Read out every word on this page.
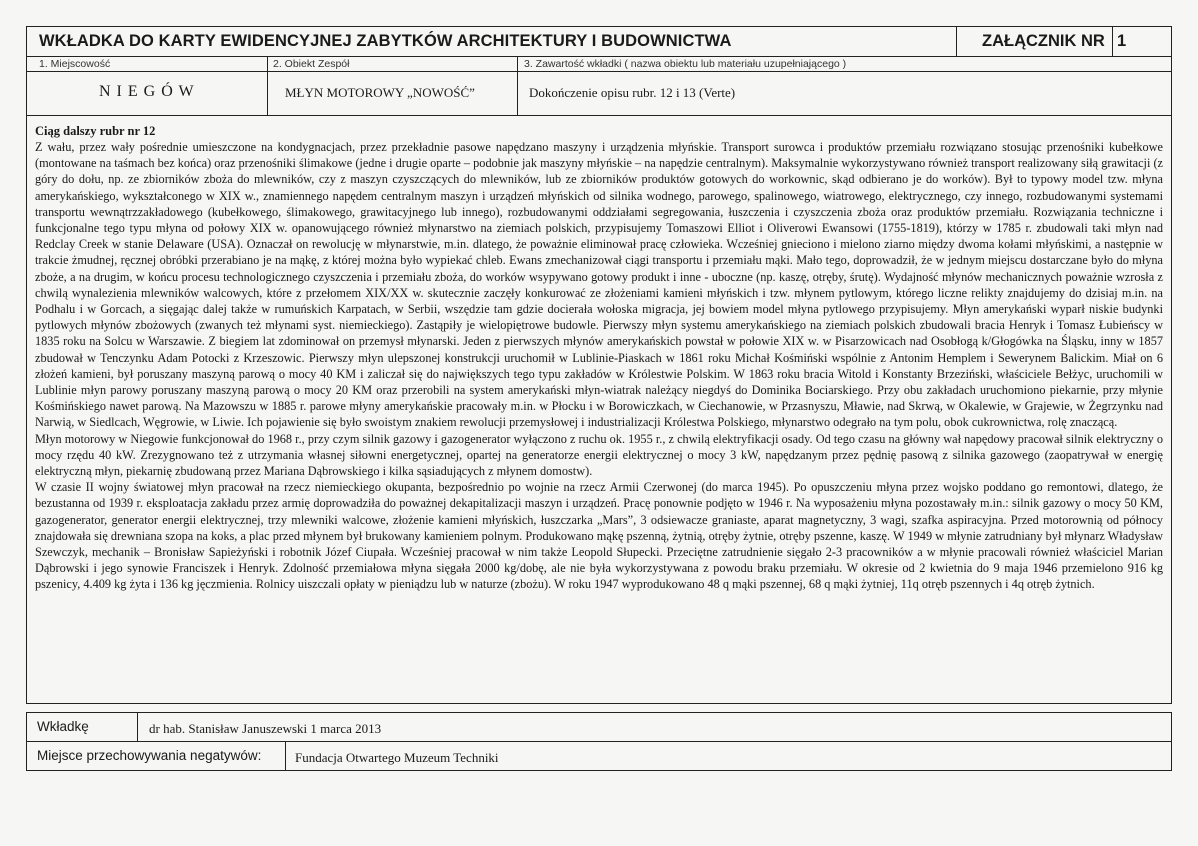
WKŁADKA DO KARTY EWIDENCYJNEJ ZABYTKÓW ARCHITEKTURY I BUDOWNICTWA	ZAŁĄCZNIK NR 1
1. Miejscowość	2. Obiekt Zespół	3. Zawartość wkładki ( nazwa obiektu lub materiału uzupełniającego )
N I E G Ó W	MŁYN MOTOROWY „NOWOŚĆ”	Dokończenie opisu rubr. 12 i 13 (Verte)
Ciąg dalszy rubr nr 12

Z wału, przez wały pośrednie umieszczone na kondygnacjach, przez przekładnie pasowe napędzano maszyny i urządzenia młyńskie. Transport surowca i produktów przemiału rozwiązano stosując przenośniki kubełkowe (montowane na taśmach bez końca) oraz przenośniki ślimakowe (jedne i drugie oparte – podobnie jak maszyny młyńskie – na napędzie centralnym). Maksymalnie wykorzystywano również transport realizowany siłą grawitacji (z góry do dołu, np. ze zbiorników zboża do mlewników, czy z maszyn czyszczących do mlewników, lub ze zbiorników produktów gotowych do workownic, skąd odbierano je do worków). Był to typowy model tzw. młyna amerykańskiego, wykształconego w XIX w., znamiennego napędem centralnym maszyn i urządzeń młyńskich od silnika wodnego, parowego, spalinowego, wiatrowego, elektrycznego, czy innego, rozbudowanymi systemami transportu wewnątrzzakładowego (kubełkowego, ślimakowego, grawitacyjnego lub innego), rozbudowanymi oddziałami segregowania, łuszczenia i czyszczenia zboża oraz produktów przemiału. Rozwiązania techniczne i funkcjonalne tego typu młyna od połowy XIX w. opanowującego również młynarstwo na ziemiach polskich, przypisujemy Tomaszowi Elliot i Oliverowi Ewansowi (1755-1819), którzy w 1785 r. zbudowali taki młyn nad Redclay Creek w stanie Delaware (USA). Oznaczał on rewolucję w młynarstwie, m.in. dlatego, że poważnie eliminował pracę człowieka. Wcześniej gnieciono i mielono ziarno między dwoma kołami młyńskimi, a następnie w trakcie żmudnej, ręcznej obróbki przerabiano je na mąkę, z której można było wypiekać chleb. Ewans zmechanizował ciągi transportu i przemiału mąki. Mało tego, doprowadził, że w jednym miejscu dostarczane było do młyna zboże, a na drugim, w końcu procesu technologicznego czyszczenia i przemiału zboża, do worków wsypywano gotowy produkt i inne - uboczne (np. kaszę, otręby, śrutę). Wydajność młynów mechanicznych poważnie wzrosła z chwilą wynalezienia mlewników walcowych, które z przełomem XIX/XX w. skutecznie zaczęły konkurować ze złożeniami kamieni młyńskich i tzw. młynem pytlowym, którego liczne relikty znajdujemy do dzisiaj m.in. na Podhalu i w Gorcach, a sięgając dalej także w rumuńskich Karpatach, w Serbii, wszędzie tam gdzie docierała wołoska migracja, jej bowiem model młyna pytlowego przypisujemy. Młyn amerykański wyparł niskie budynki pytlowych młynów zbożowych (zwanych też młynami syst. niemieckiego). Zastąpiły je wielopiętrowe budowle. Pierwszy młyn systemu amerykańskiego na ziemiach polskich zbudowali bracia Henryk i Tomasz Łubieńscy w 1835 roku na Solcu w Warszawie. Z biegiem lat zdominował on przemysł młynarski. Jeden z pierwszych młynów amerykańskich powstał w połowie XIX w. w Pisarzowicach nad Osobłogą k/Głogówka na Śląsku, inny w 1857 zbudował w Tenczynku Adam Potocki z Krzeszowic. Pierwszy młyn ulepszonej konstrukcji uruchomił w Lublinie-Piaskach w 1861 roku Michał Kośmiński wspólnie z Antonim Hemplem i Sewerynem Balickim. Miał on 6 złożeń kamieni, był poruszany maszyną parową o mocy 40 KM i zaliczał się do największych tego typu zakładów w Królestwie Polskim. W 1863 roku bracia Witold i Konstanty Brzeziński, właściciele Bełżyc, uruchomili w Lublinie młyn parowy poruszany maszyną parową o mocy 20 KM oraz przerobili na system amerykański młyn-wiatrak należący niegdyś do Dominika Bociarskiego. Przy obu zakładach uruchomiono piekarnie, przy młynie Kośmińskiego nawet parową. Na Mazowszu w 1885 r. parowe młyny amerykańskie pracowały m.in. w Płocku i w Borowiczkach, w Ciechanowie, w Przasnyszu, Mławie, nad Skrwą, w Okalewie, w Grajewie, w Żegrzynku nad Narwią, w Siedlcach, Węgrowie, w Liwie. Ich pojawienie się było swoistym znakiem rewolucji przemysłowej i industrializacji Królestwa Polskiego, młynarstwo odegrało na tym polu, obok cukrownictwa, rolę znaczącą.

Młyn motorowy w Niegowie funkcjonował do 1968 r., przy czym silnik gazowy i gazogenerator wyłączono z ruchu ok. 1955 r., z chwilą elektryfikacji osady. Od tego czasu na główny wał napędowy pracował silnik elektryczny o mocy rzędu 40 kW. Zrezygnowano też z utrzymania własnej siłowni energetycznej, opartej na generatorze energii elektrycznej o mocy 3 kW, napędzanym przez pędnię pasową z silnika gazowego (zaopatrywał w energię elektryczną młyn, piekarnię zbudowaną przez Mariana Dąbrowskiego i kilka sąsiadujących z młynem domostw).

W czasie II wojny światowej młyn pracował na rzecz niemieckiego okupanta, bezpośrednio po wojnie na rzecz Armii Czerwonej (do marca 1945). Po opuszczeniu młyna przez wojsko poddano go remontowi, dlatego, że bezustanna od 1939 r. eksploatacja zakładu przez armię doprowadziła do poważnej dekapitalizacji maszyn i urządzeń. Pracę ponownie podjęto w 1946 r. Na wyposażeniu młyna pozostawały m.in.: silnik gazowy o mocy 50 KM, gazogenerator, generator energii elektrycznej, trzy mlewniki walcowe, złożenie kamieni młyńskich, łuszczarka „Mars”, 3 odsiewacze graniaste, aparat magnetyczny, 3 wagi, szafka aspiracyjna. Przed motorownią od północy znajdowała się drewniana szopa na koks, a plac przed młynem był brukowany kamieniem polnym. Produkowano mąkę pszenną, żytnią, otręby żytnie, otręby pszenne, kaszę. W 1949 w młynie zatrudniany był młynarz Władysław Szewczyk, mechanik – Bronisław Sapieżyński i robotnik Józef Ciupała. Wcześniej pracował w nim także Leopold Słupecki. Przeciętne zatrudnienie sięgało 2-3 pracowników a w młynie pracowali również właściciel Marian Dąbrowski i jego synowie Franciszek i Henryk. Zdolność przemiałowa młyna sięgała 2000 kg/dobę, ale nie była wykorzystywana z powodu braku przemiału. W okresie od 2 kwietnia do 9 maja 1946 przemielono 916 kg pszenicy, 4.409 kg żyta i 136 kg jęczmienia. Rolnicy uiszczali opłaty w pieniądzu lub w naturze (zbożu). W roku 1947 wyprodukowano 48 q mąki pszennej, 68 q mąki żytniej, 11q otręb pszennych i 4q otręb żytnich.

Wkładkę	dr hab. Stanisław Januszewski 1 marca 2013
Miejsce przechowywania negatywów:	Fundacja Otwartego Muzeum Techniki
